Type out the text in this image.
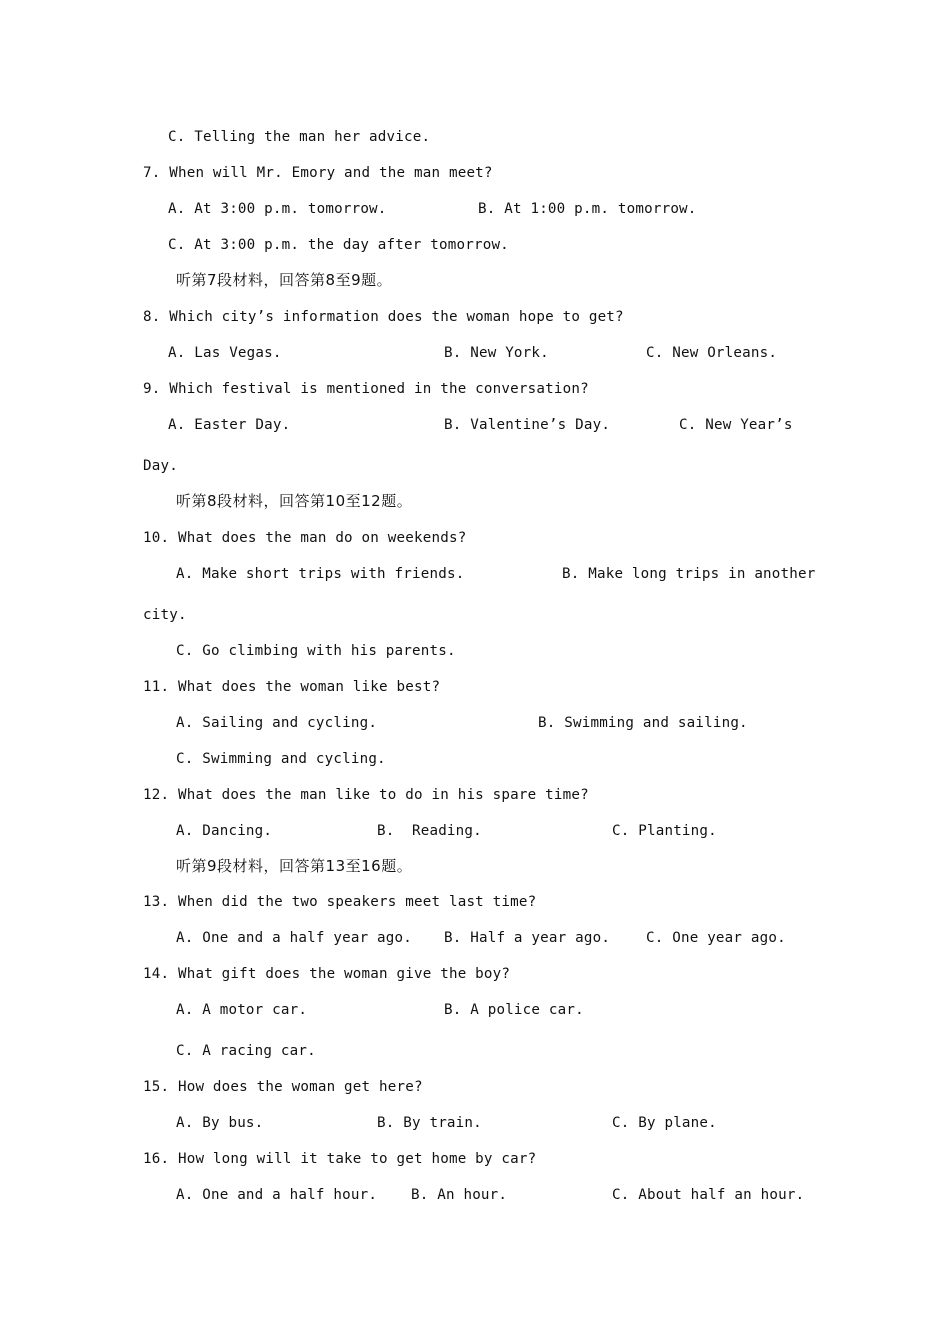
C. Telling the man her advice.
7. When will Mr. Emory and the man meet?
A. At 3:00 p.m. tomorrow.	B. At 1:00 p.m. tomorrow.
C. At 3:00 p.m. the day after tomorrow.
听第7段材料，回答第8至9题。
8. Which city’s information does the woman hope to get?
A. Las Vegas.	B. New York.	C. New Orleans.
9. Which festival is mentioned in the conversation?
A. Easter Day.	B. Valentine’s Day.	C. New Year’s
Day.
听第8段材料，回答第10至12题。
10. What does the man do on weekends?
A. Make short trips with friends.	B. Make long trips in another
city.
C. Go climbing with his parents.
11. What does the woman like best?
A. Sailing and cycling.	B. Swimming and sailing.
C. Swimming and cycling.
12. What does the man like to do in his spare time?
A. Dancing.	B.  Reading.	C. Planting.
听第9段材料，回答第13至16题。
13. When did the two speakers meet last time?
A. One and a half year ago. B. Half a year ago.	C. One year ago.
14. What gift does the woman give the boy?
A. A motor car.	B. A police car.
C. A racing car.
15. How does the woman get here?
A. By bus.	B. By train.	C. By plane.
16. How long will it take to get home by car?
A. One and a half hour. B. An hour.	C. About half an hour.
